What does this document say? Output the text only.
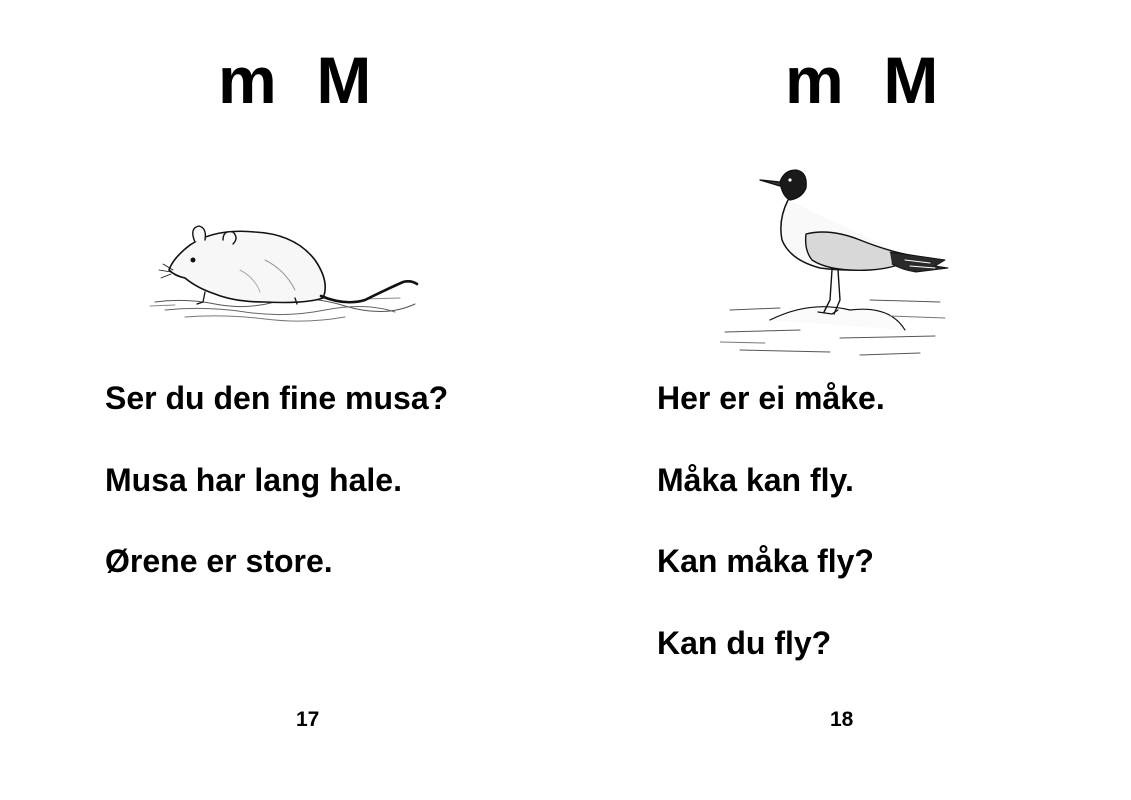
m  M
Ser du den fine musa?
Musa har lang hale.
Ørene er store.
17
m  M
Her er ei måke.
Måka kan fly.
Kan måka fly?
Kan du fly?
18
